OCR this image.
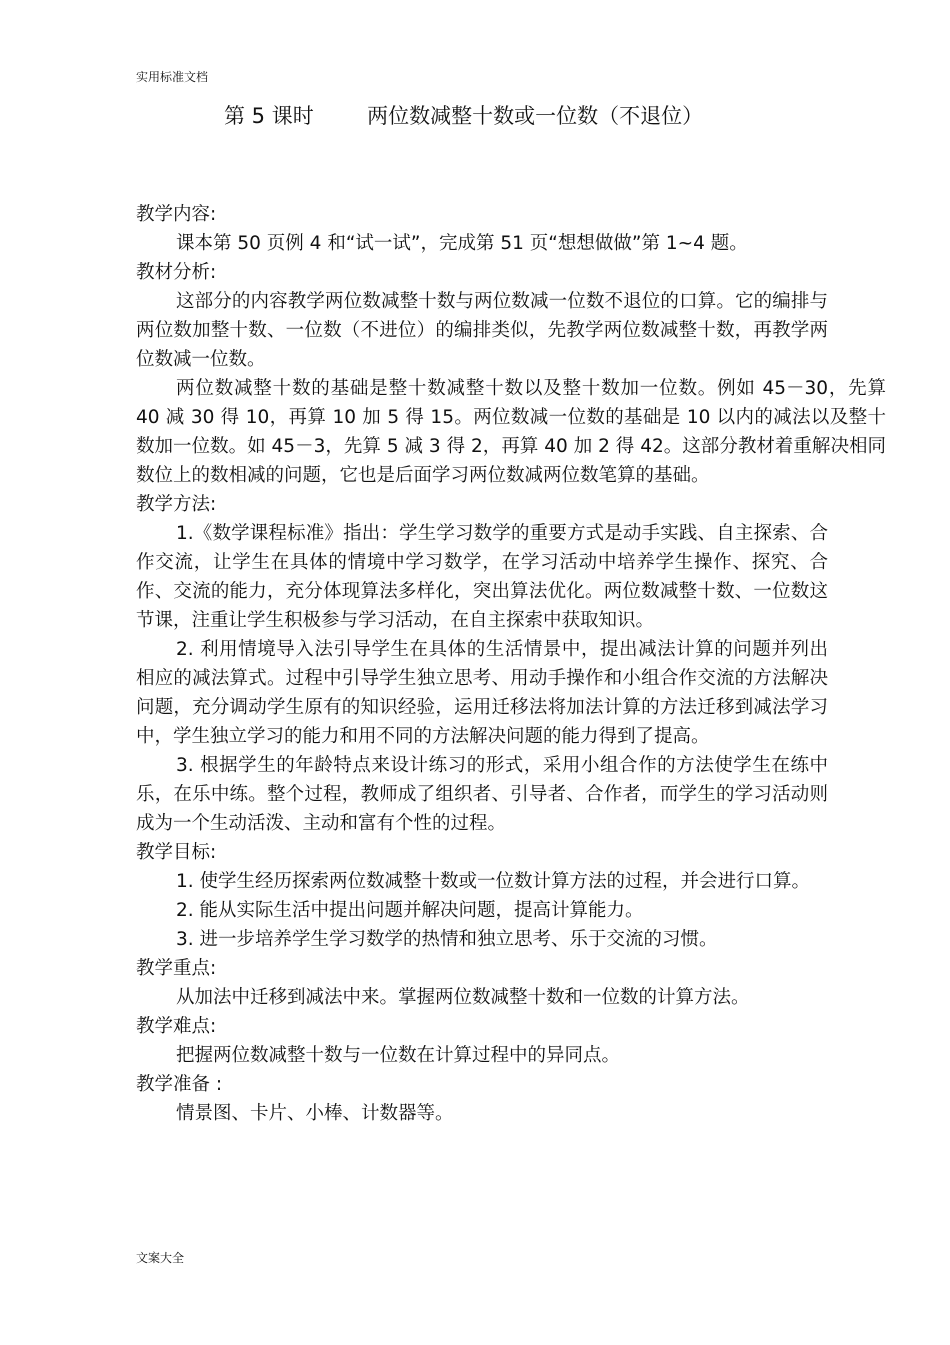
实用标准文档
第 5 课时        两位数减整十数或一位数（不退位）

教学内容:

课本第 50 页例 4 和“试一试”，完成第 51 页“想想做做”第 1~4 题。

教材分析:

这部分的内容教学两位数减整十数与两位数减一位数不退位的口算。它的编排与两位数加整十数、一位数（不进位）的编排类似，先教学两位数减整十数，再教学两位数减一位数。

两位数减整十数的基础是整十数减整十数以及整十数加一位数。例如 45－30，先算 40 减 30 得 10，再算 10 加 5 得 15。两位数减一位数的基础是 10 以内的减法以及整十数加一位数。如 45－3，先算 5 减 3 得 2，再算 40 加 2 得 42。这部分教材着重解决相同数位上的数相减的问题，它也是后面学习两位数减两位数笔算的基础。

教学方法:

1.《数学课程标准》指出：学生学习数学的重要方式是动手实践、自主探索、合作交流，让学生在具体的情境中学习数学，在学习活动中培养学生操作、探究、合作、交流的能力，充分体现算法多样化，突出算法优化。两位数减整十数、一位数这节课，注重让学生积极参与学习活动，在自主探索中获取知识。

2. 利用情境导入法引导学生在具体的生活情景中，提出减法计算的问题并列出相应的减法算式。过程中引导学生独立思考、用动手操作和小组合作交流的方法解决问题，充分调动学生原有的知识经验，运用迁移法将加法计算的方法迁移到减法学习中，学生独立学习的能力和用不同的方法解决问题的能力得到了提高。

3. 根据学生的年龄特点来设计练习的形式，采用小组合作的方法使学生在练中乐，在乐中练。整个过程，教师成了组织者、引导者、合作者，而学生的学习活动则成为一个生动活泼、主动和富有个性的过程。

教学目标:

1. 使学生经历探索两位数减整十数或一位数计算方法的过程，并会进行口算。

2. 能从实际生活中提出问题并解决问题，提高计算能力。

3. 进一步培养学生学习数学的热情和独立思考、乐于交流的习惯。

教学重点:

从加法中迁移到减法中来。掌握两位数减整十数和一位数的计算方法。

教学难点:

把握两位数减整十数与一位数在计算过程中的异同点。

教学准备 :

情景图、卡片、小棒、计数器等。

文案大全
